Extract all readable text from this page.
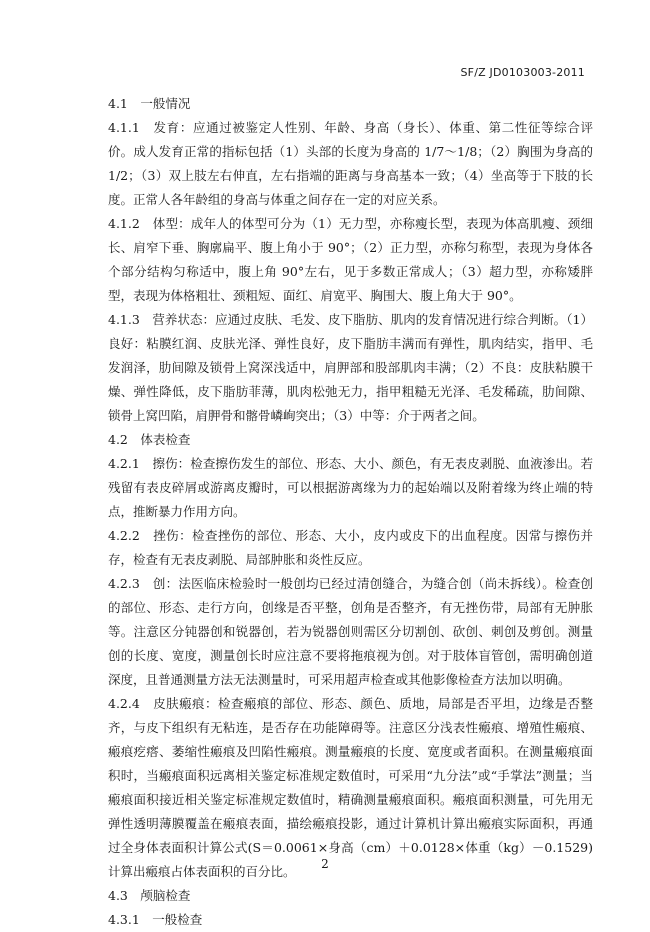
SF/Z JD0103003-2011

4.1　一般情况

4.1.1　发育：应通过被鉴定人性别、年龄、身高（身长）、体重、第二性征等综合评价。成人发育正常的指标包括（1）头部的长度为身高的 1/7～1/8；（2）胸围为身高的 1/2；（3）双上肢左右伸直，左右指端的距离与身高基本一致；（4）坐高等于下肢的长度。正常人各年龄组的身高与体重之间存在一定的对应关系。

4.1.2　体型：成年人的体型可分为（1）无力型，亦称瘦长型，表现为体高肌瘦、颈细长、肩窄下垂、胸廓扁平、腹上角小于 90°；（2）正力型，亦称匀称型，表现为身体各个部分结构匀称适中，腹上角 90°左右，见于多数正常成人；（3）超力型，亦称矮胖型，表现为体格粗壮、颈粗短、面红、肩宽平、胸围大、腹上角大于 90°。

4.1.3　营养状态：应通过皮肤、毛发、皮下脂肪、肌肉的发育情况进行综合判断。（1）良好：粘膜红润、皮肤光泽、弹性良好，皮下脂肪丰满而有弹性，肌肉结实，指甲、毛发润泽，肋间隙及锁骨上窝深浅适中，肩胛部和股部肌肉丰满；（2）不良：皮肤粘膜干燥、弹性降低，皮下脂肪菲薄，肌肉松弛无力，指甲粗糙无光泽、毛发稀疏，肋间隙、锁骨上窝凹陷，肩胛骨和髂骨嶙峋突出；（3）中等：介于两者之间。

4.2　体表检查

4.2.1　擦伤：检查擦伤发生的部位、形态、大小、颜色，有无表皮剥脱、血液渗出。若残留有表皮碎屑或游离皮瓣时，可以根据游离缘为力的起始端以及附着缘为终止端的特点，推断暴力作用方向。

4.2.2　挫伤：检查挫伤的部位、形态、大小，皮内或皮下的出血程度。因常与擦伤并存，检查有无表皮剥脱、局部肿胀和炎性反应。

4.2.3　创：法医临床检验时一般创均已经过清创缝合，为缝合创（尚未拆线）。检查创的部位、形态、走行方向，创缘是否平整，创角是否整齐，有无挫伤带，局部有无肿胀等。注意区分钝器创和锐器创，若为锐器创则需区分切割创、砍创、刺创及剪创。测量创的长度、宽度，测量创长时应注意不要将拖痕视为创。对于肢体盲管创，需明确创道深度，且普通测量方法无法测量时，可采用超声检查或其他影像检查方法加以明确。

4.2.4　皮肤瘢痕：检查瘢痕的部位、形态、颜色、质地，局部是否平坦，边缘是否整齐，与皮下组织有无粘连，是否存在功能障碍等。注意区分浅表性瘢痕、增殖性瘢痕、瘢痕疙瘩、萎缩性瘢痕及凹陷性瘢痕。测量瘢痕的长度、宽度或者面积。在测量瘢痕面积时，当瘢痕面积远离相关鉴定标准规定数值时，可采用“九分法”或“手掌法”测量；当瘢痕面积接近相关鉴定标准规定数值时，精确测量瘢痕面积。瘢痕面积测量，可先用无弹性透明薄膜覆盖在瘢痕表面，描绘瘢痕投影，通过计算机计算出瘢痕实际面积，再通过全身体表面积计算公式(S＝0.0061×身高（cm）＋0.0128×体重（kg）－0.1529)计算出瘢痕占体表面积的百分比。

4.3　颅脑检查

4.3.1　一般检查

2
